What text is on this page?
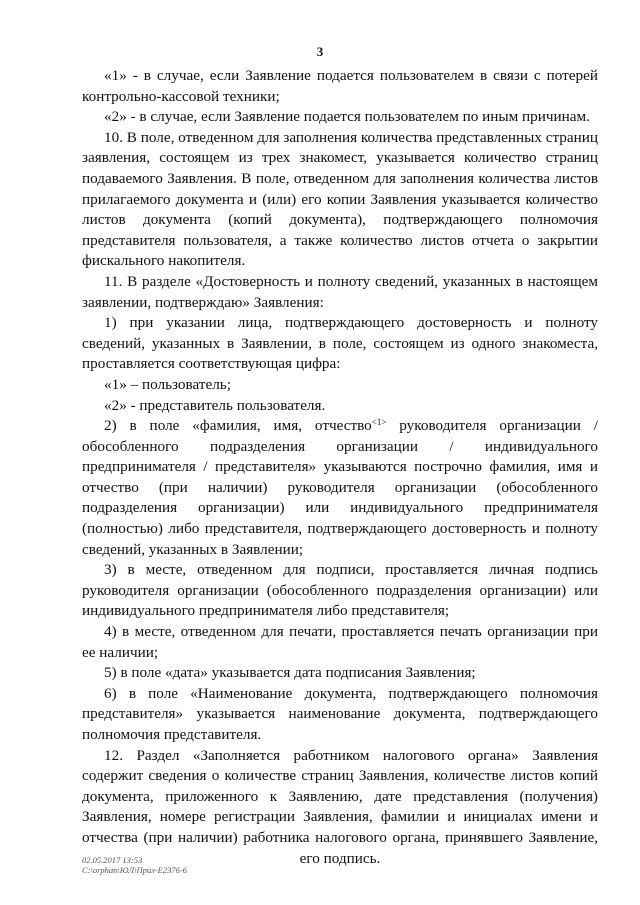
3

«1» - в случае, если Заявление подается пользователем в связи с потерей контрольно-кассовой техники;

«2» - в случае, если Заявление подается пользователем по иным причинам.

10. В поле, отведенном для заполнения количества представленных страниц заявления, состоящем из трех знакомест, указывается количество страниц подаваемого Заявления. В поле, отведенном для заполнения количества листов прилагаемого документа и (или) его копии Заявления указывается количество листов документа (копий документа), подтверждающего полномочия представителя пользователя, а также количество листов отчета о закрытии фискального накопителя.

11. В разделе «Достоверность и полноту сведений, указанных в настоящем заявлении, подтверждаю» Заявления:

1) при указании лица, подтверждающего достоверность и полноту сведений, указанных в Заявлении, в поле, состоящем из одного знакоместа, проставляется соответствующая цифра:

«1» – пользователь;

«2» - представитель пользователя.

2) в поле «фамилия, имя, отчество$^{<1>}$ руководителя организации / обособленного подразделения организации / индивидуального предпринимателя / представителя» указываются построчно фамилия, имя и отчество (при наличии) руководителя организации (обособленного подразделения организации) или индивидуального предпринимателя (полностью) либо представителя, подтверждающего достоверность и полноту сведений, указанных в Заявлении;

3) в месте, отведенном для подписи, проставляется личная подпись руководителя организации (обособленного подразделения организации) или индивидуального предпринимателя либо представителя;

4) в месте, отведенном для печати, проставляется печать организации при ее наличии;

5) в поле «дата» указывается дата подписания Заявления;

6) в поле «Наименование документа, подтверждающего полномочия представителя» указывается наименование документа, подтверждающего полномочия представителя.

12. Раздел «Заполняется работником налогового органа» Заявления содержит сведения о количестве страниц Заявления, количестве листов копий документа, приложенного к Заявлению, дате представления (получения) Заявления, номере регистрации Заявления, фамилии и инициалах имени и отчества (при наличии) работника налогового органа, принявшего Заявление, его подпись.

02.05.2017 13:53
С:\orphan\ЮЛ\Прил-Е2376-6
